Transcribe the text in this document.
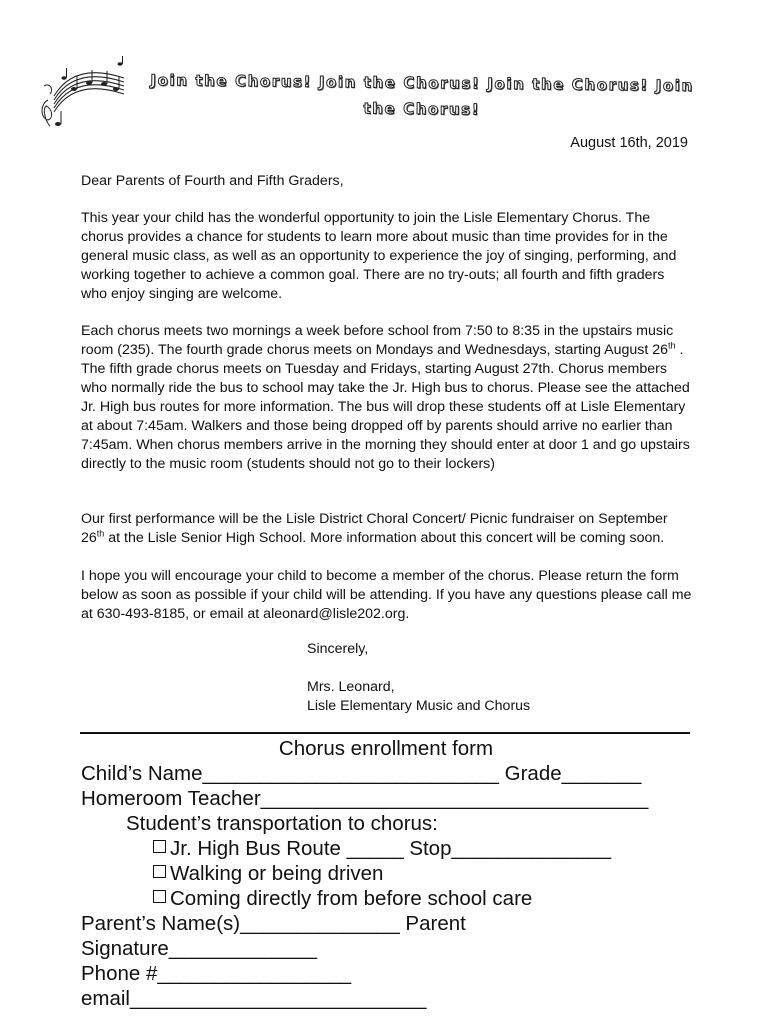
Join the Chorus! Join the Chorus! Join the Chorus! Join the Chorus!
August 16th, 2019
Dear Parents of Fourth and Fifth Graders,
This year your child has the wonderful opportunity to join the Lisle Elementary Chorus. The chorus provides a chance for students to learn more about music than time provides for in the general music class, as well as an opportunity to experience the joy of singing, performing, and working together to achieve a common goal. There are no try-outs; all fourth and fifth graders who enjoy singing are welcome.
Each chorus meets two mornings a week before school from 7:50 to 8:35 in the upstairs music room (235). The fourth grade chorus meets on Mondays and Wednesdays, starting August 26th . The fifth grade chorus meets on Tuesday and Fridays, starting August 27th. Chorus members who normally ride the bus to school may take the Jr. High bus to chorus. Please see the attached Jr. High bus routes for more information. The bus will drop these students off at Lisle Elementary at about 7:45am. Walkers and those being dropped off by parents should arrive no earlier than 7:45am. When chorus members arrive in the morning they should enter at door 1 and go upstairs directly to the music room (students should not go to their lockers)
Our first performance will be the Lisle District Choral Concert/ Picnic fundraiser on September 26th at the Lisle Senior High School. More information about this concert will be coming soon.
I hope you will encourage your child to become a member of the chorus. Please return the form below as soon as possible if your child will be attending. If you have any questions please call me at 630-493-8185, or email at aleonard@lisle202.org.
Sincerely,
Mrs. Leonard,
Lisle Elementary Music and Chorus
Chorus enrollment form
Child’s Name__________________________ Grade_______
Homeroom Teacher__________________________________
Student’s transportation to chorus:
Jr. High Bus Route _____ Stop______________
Walking or being driven
Coming directly from before school care
Parent’s Name(s)______________ Parent Signature_____________
Phone #_________________ email__________________________
